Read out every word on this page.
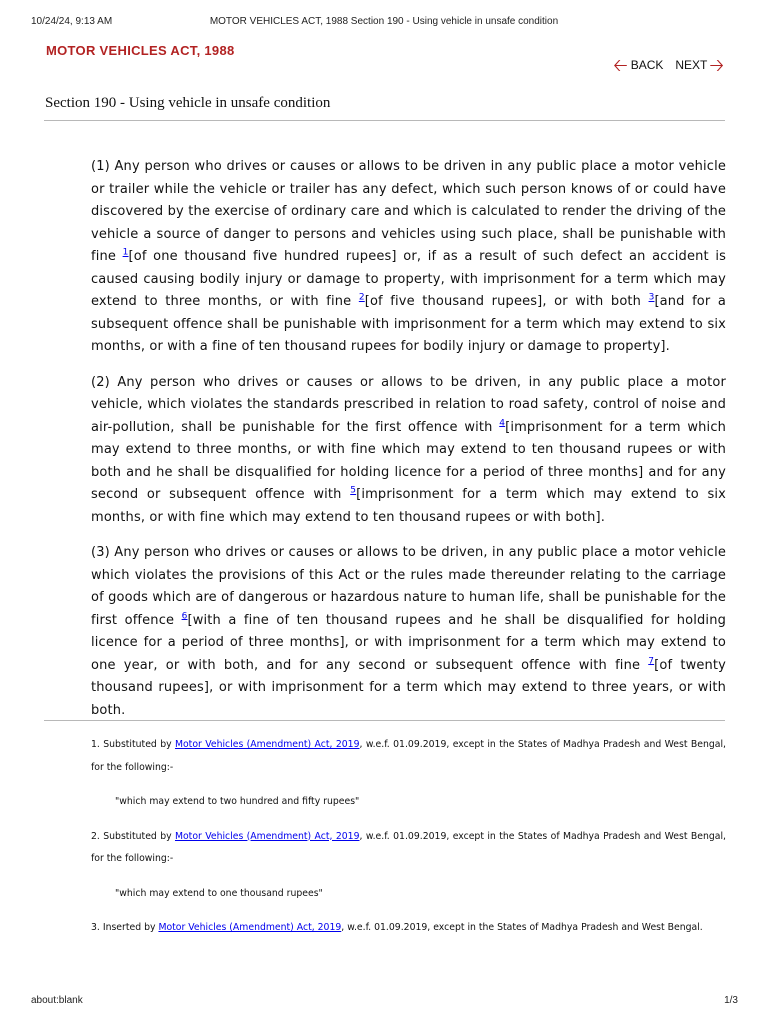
10/24/24, 9:13 AM	MOTOR VEHICLES ACT, 1988 Section 190 - Using vehicle in unsafe condition
MOTOR VEHICLES ACT, 1988
🡠 BACK NEXT 🡢
Section 190 - Using vehicle in unsafe condition

(1) Any person who drives or causes or allows to be driven in any public place a motor vehicle or trailer while the vehicle or trailer has any defect, which such person knows of or could have discovered by the exercise of ordinary care and which is calculated to render the driving of the vehicle a source of danger to persons and vehicles using such place, shall be punishable with fine $^1$[of one thousand five hundred rupees] or, if as a result of such defect an accident is caused causing bodily injury or damage to property, with imprisonment for a term which may extend to three months, or with fine $^2$[of five thousand rupees], or with both $^3$[and for a subsequent offence shall be punishable with imprisonment for a term which may extend to six months, or with a fine of ten thousand rupees for bodily injury or damage to property].

(2) Any person who drives or causes or allows to be driven, in any public place a motor vehicle, which violates the standards prescribed in relation to road safety, control of noise and air-pollution, shall be punishable for the first offence with $^4$[imprisonment for a term which may extend to three months, or with fine which may extend to ten thousand rupees or with both and he shall be disqualified for holding licence for a period of three months] and for any second or subsequent offence with $^5$[imprisonment for a term which may extend to six months, or with fine which may extend to ten thousand rupees or with both].

(3) Any person who drives or causes or allows to be driven, in any public place a motor vehicle which violates the provisions of this Act or the rules made thereunder relating to the carriage of goods which are of dangerous or hazardous nature to human life, shall be punishable for the first offence $^6$[with a fine of ten thousand rupees and he shall be disqualified for holding licence for a period of three months], or with imprisonment for a term which may extend to one year, or with both, and for any second or subsequent offence with fine $^7$[of twenty thousand rupees], or with imprisonment for a term which may extend to three years, or with both.

1. Substituted by Motor Vehicles (Amendment) Act, 2019, w.e.f. 01.09.2019, except in the States of Madhya Pradesh and West Bengal, for the following:-

"which may extend to two hundred and fifty rupees"

2. Substituted by Motor Vehicles (Amendment) Act, 2019, w.e.f. 01.09.2019, except in the States of Madhya Pradesh and West Bengal, for the following:-

"which may extend to one thousand rupees"

3. Inserted by Motor Vehicles (Amendment) Act, 2019, w.e.f. 01.09.2019, except in the States of Madhya Pradesh and West Bengal.

about:blank	1/3
